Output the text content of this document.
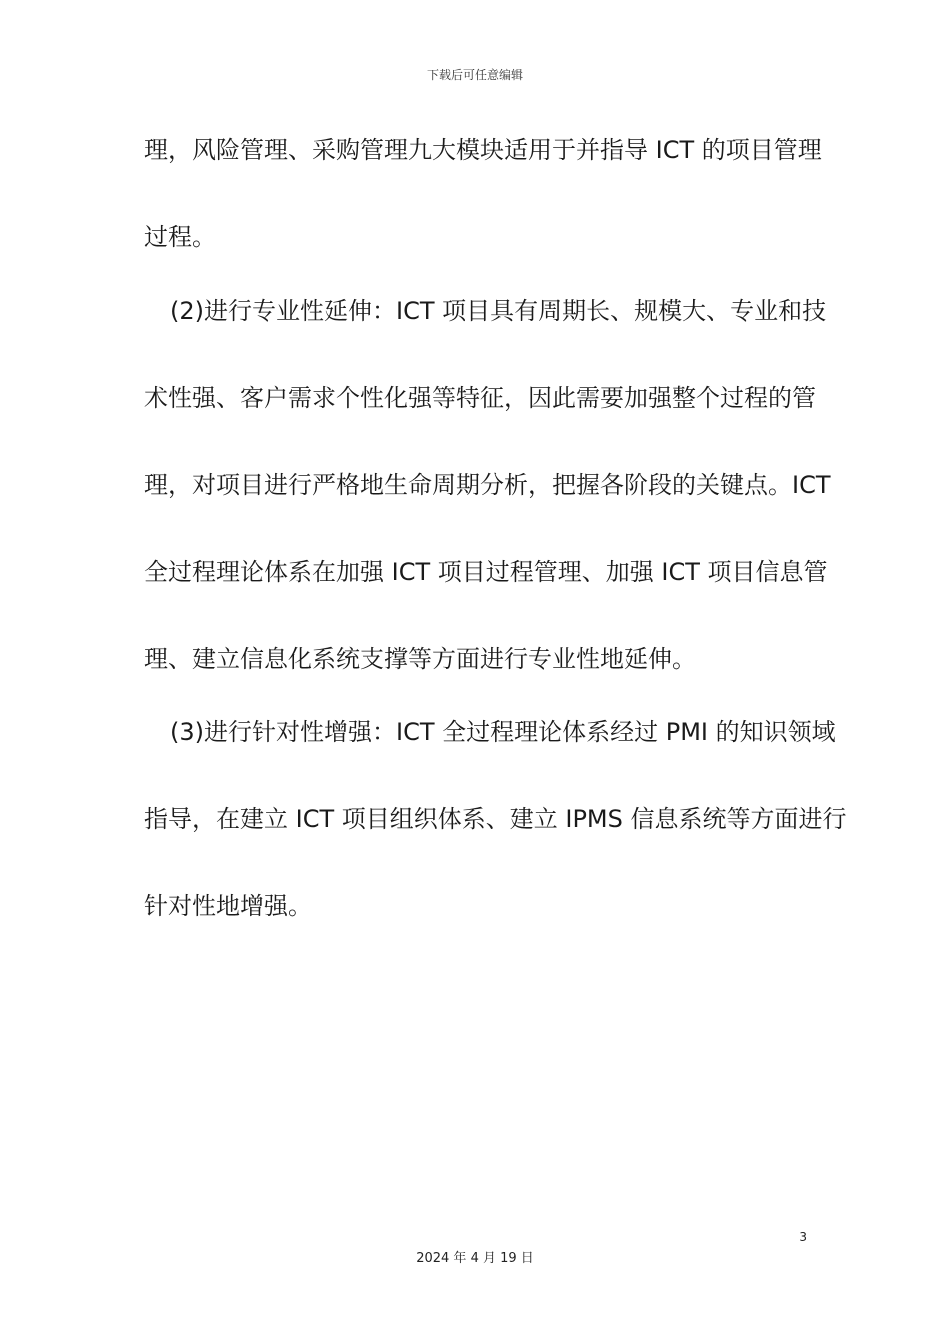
下载后可任意编辑
理，风险管理、采购管理九大模块适用于并指导 ICT 的项目管理
过程。
(2)进行专业性延伸：ICT 项目具有周期长、规模大、专业和技
术性强、客户需求个性化强等特征，因此需要加强整个过程的管
理，对项目进行严格地生命周期分析，把握各阶段的关键点。ICT
全过程理论体系在加强 ICT 项目过程管理、加强 ICT 项目信息管
理、建立信息化系统支撑等方面进行专业性地延伸。
(3)进行针对性增强：ICT 全过程理论体系经过 PMI 的知识领域
指导，在建立 ICT 项目组织体系、建立 IPMS 信息系统等方面进行
针对性地增强。
3
2024 年 4 月 19 日
